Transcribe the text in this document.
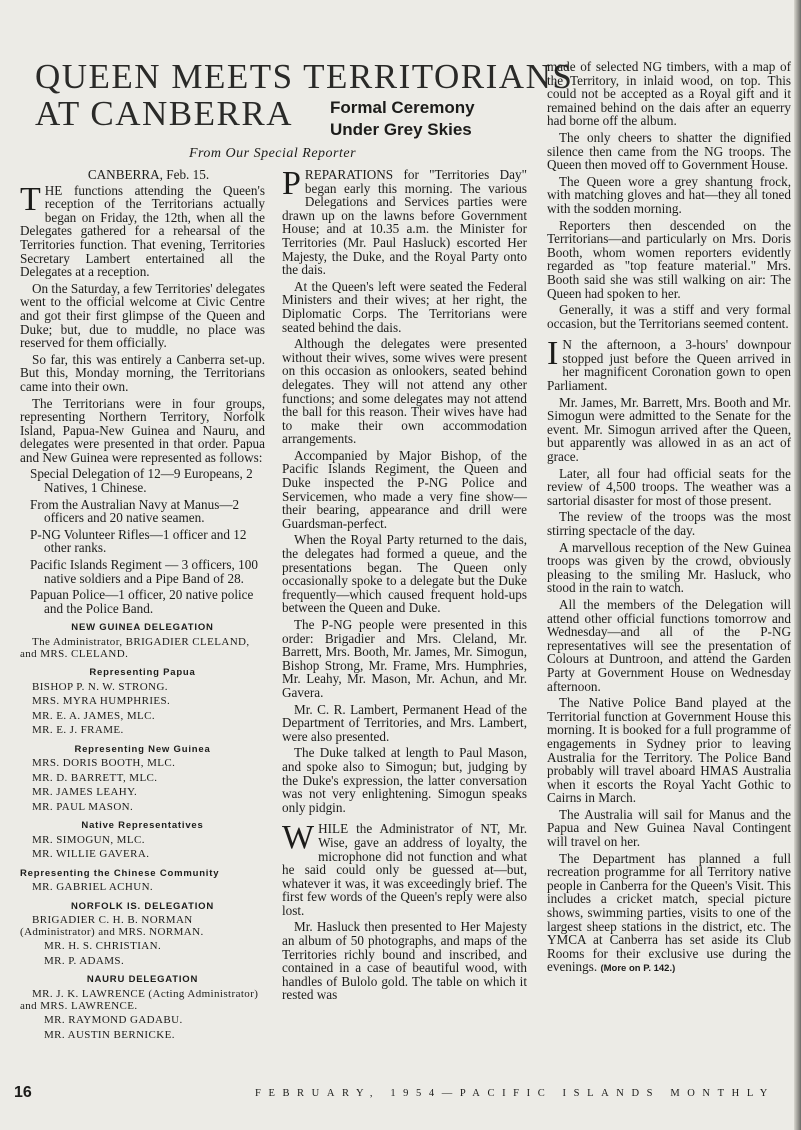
QUEEN MEETS TERRITORIANS
AT CANBERRA	Formal Ceremony
Under Grey Skies
From Our Special Reporter

CANBERRA, Feb. 15.

THE functions attending the Queen's reception of the Territorians actually began on Friday, the 12th, when all the Delegates gathered for a rehearsal of the Territories function. That evening, Territories Secretary Lambert entertained all the Delegates at a reception.

On the Saturday, a few Territories' delegates went to the official welcome at Civic Centre and got their first glimpse of the Queen and Duke; but, due to muddle, no place was reserved for them officially.

So far, this was entirely a Canberra set-up. But this, Monday morning, the Territorians came into their own.

The Territorians were in four groups, representing Northern Territory, Norfolk Island, Papua-New Guinea and Nauru, and delegates were presented in that order. Papua and New Guinea were represented as follows:

Special Delegation of 12—9 Europeans, 2 Natives, 1 Chinese.

From the Australian Navy at Manus—2 officers and 20 native seamen.

P-NG Volunteer Rifles—1 officer and 12 other ranks.

Pacific Islands Regiment — 3 officers, 100 native soldiers and a Pipe Band of 28.

Papuan Police—1 officer, 20 native police and the Police Band.

NEW GUINEA DELEGATION

The Administrator, BRIGADIER CLELAND, and MRS. CLELAND.

Representing Papua

BISHOP P. N. W. STRONG.

MRS. MYRA HUMPHRIES.

MR. E. A. JAMES, MLC.

MR. E. J. FRAME.

Representing New Guinea

MRS. DORIS BOOTH, MLC.

MR. D. BARRETT, MLC.

MR. JAMES LEAHY.

MR. PAUL MASON.

Native Representatives

MR. SIMOGUN, MLC.

MR. WILLIE GAVERA.

Representing the Chinese Community

MR. GABRIEL ACHUN.

NORFOLK IS. DELEGATION

BRIGADIER C. H. B. NORMAN (Administrator) and MRS. NORMAN.

MR. H. S. CHRISTIAN.

MR. P. ADAMS.

NAURU DELEGATION

MR. J. K. LAWRENCE (Acting Administrator) and MRS. LAWRENCE.

MR. RAYMOND GADABU.

MR. AUSTIN BERNICKE.

PREPARATIONS for "Territories Day" began early this morning. The various Delegations and Services parties were drawn up on the lawns before Government House; and at 10.35 a.m. the Minister for Territories (Mr. Paul Hasluck) escorted Her Majesty, the Duke, and the Royal Party onto the dais.

At the Queen's left were seated the Federal Ministers and their wives; at her right, the Diplomatic Corps. The Territorians were seated behind the dais.

Although the delegates were presented without their wives, some wives were present on this occasion as onlookers, seated behind delegates. They will not attend any other functions; and some delegates may not attend the ball for this reason. Their wives have had to make their own accommodation arrangements.

Accompanied by Major Bishop, of the Pacific Islands Regiment, the Queen and Duke inspected the P-NG Police and Servicemen, who made a very fine show—their bearing, appearance and drill were Guardsman-perfect.

When the Royal Party returned to the dais, the delegates had formed a queue, and the presentations began. The Queen only occasionally spoke to a delegate but the Duke frequently—which caused frequent hold-ups between the Queen and Duke.

The P-NG people were presented in this order: Brigadier and Mrs. Cleland, Mr. Barrett, Mrs. Booth, Mr. James, Mr. Simogun, Bishop Strong, Mr. Frame, Mrs. Humphries, Mr. Leahy, Mr. Mason, Mr. Achun, and Mr. Gavera.

Mr. C. R. Lambert, Permanent Head of the Department of Territories, and Mrs. Lambert, were also presented.

The Duke talked at length to Paul Mason, and spoke also to Simogun; but, judging by the Duke's expression, the latter conversation was not very enlightening. Simogun speaks only pidgin.

WHILE the Administrator of NT, Mr. Wise, gave an address of loyalty, the microphone did not function and what he said could only be guessed at—but, whatever it was, it was exceedingly brief. The first few words of the Queen's reply were also lost.

Mr. Hasluck then presented to Her Majesty an album of 50 photographs, and maps of the Territories richly bound and inscribed, and contained in a case of beautiful wood, with handles of Bulolo gold. The table on which it rested was

made of selected NG timbers, with a map of the Territory, in inlaid wood, on top. This could not be accepted as a Royal gift and it remained behind on the dais after an equerry had borne off the album.

The only cheers to shatter the dignified silence then came from the NG troops. The Queen then moved off to Government House.

The Queen wore a grey shantung frock, with matching gloves and hat—they all toned with the sodden morning.

Reporters then descended on the Territorians—and particularly on Mrs. Doris Booth, whom women reporters evidently regarded as "top feature material." Mrs. Booth said she was still walking on air: The Queen had spoken to her.

Generally, it was a stiff and very formal occasion, but the Territorians seemed content.

I N the afternoon, a 3-hours' downpour stopped just before the Queen arrived in her magnificent Coronation gown to open Parliament.

Mr. James, Mr. Barrett, Mrs. Booth and Mr. Simogun were admitted to the Senate for the event. Mr. Simogun arrived after the Queen, but apparently was allowed in as an act of grace.

Later, all four had official seats for the review of 4,500 troops. The weather was a sartorial disaster for most of those present.

The review of the troops was the most stirring spectacle of the day.

A marvellous reception of the New Guinea troops was given by the crowd, obviously pleasing to the smiling Mr. Hasluck, who stood in the rain to watch.

All the members of the Delegation will attend other official functions tomorrow and Wednesday—and all of the P-NG representatives will see the presentation of Colours at Duntroon, and attend the Garden Party at Government House on Wednesday afternoon.

The Native Police Band played at the Territorial function at Government House this morning. It is booked for a full programme of engagements in Sydney prior to leaving Australia for the Territory. The Police Band probably will travel aboard HMAS Australia when it escorts the Royal Yacht Gothic to Cairns in March.

The Australia will sail for Manus and the Papua and New Guinea Naval Contingent will travel on her.

The Department has planned a full recreation programme for all Territory native people in Canberra for the Queen's Visit. This includes a cricket match, special picture shows, swimming parties, visits to one of the largest sheep stations in the district, etc. The YMCA at Canberra has set aside its Club Rooms for their exclusive use during the evenings. (More on P. 142.)

16	FEBRUARY, 1954—PACIFIC ISLANDS MONTHLY
